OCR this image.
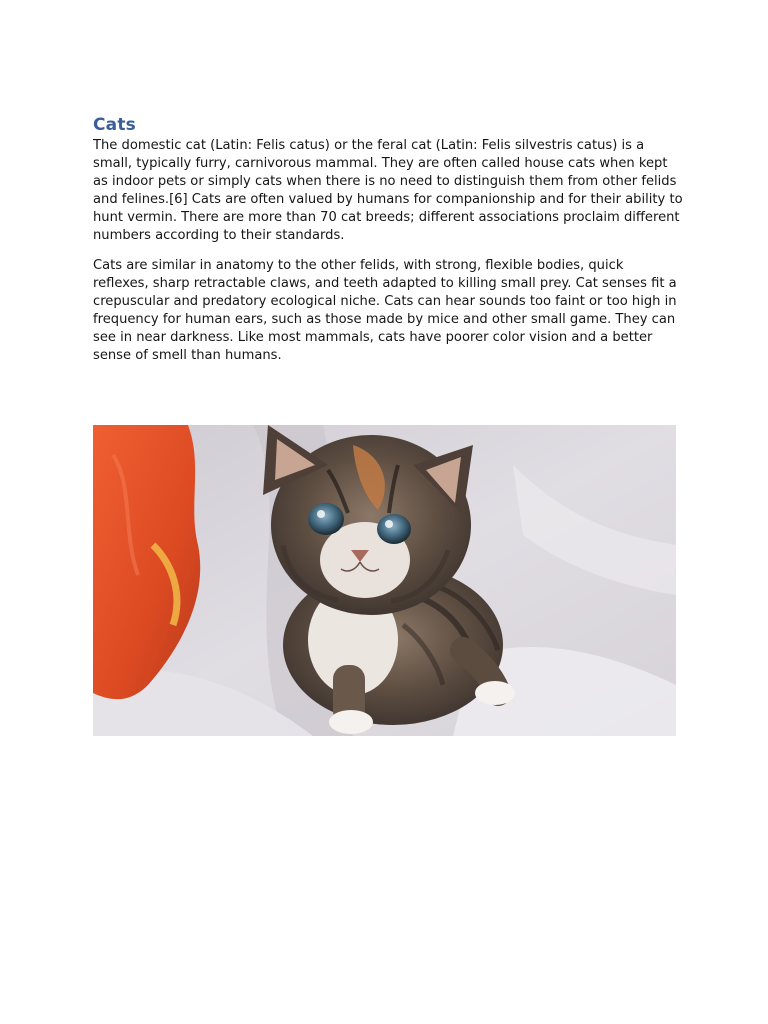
Cats

The domestic cat (Latin: Felis catus) or the feral cat (Latin: Felis silvestris catus) is a small, typically furry, carnivorous mammal. They are often called house cats when kept as indoor pets or simply cats when there is no need to distinguish them from other felids and felines.[6] Cats are often valued by humans for companionship and for their ability to hunt vermin. There are more than 70 cat breeds; different associations proclaim different numbers according to their standards.

Cats are similar in anatomy to the other felids, with strong, flexible bodies, quick reflexes, sharp retractable claws, and teeth adapted to killing small prey. Cat senses fit a crepuscular and predatory ecological niche. Cats can hear sounds too faint or too high in frequency for human ears, such as those made by mice and other small game. They can see in near darkness. Like most mammals, cats have poorer color vision and a better sense of smell than humans.
